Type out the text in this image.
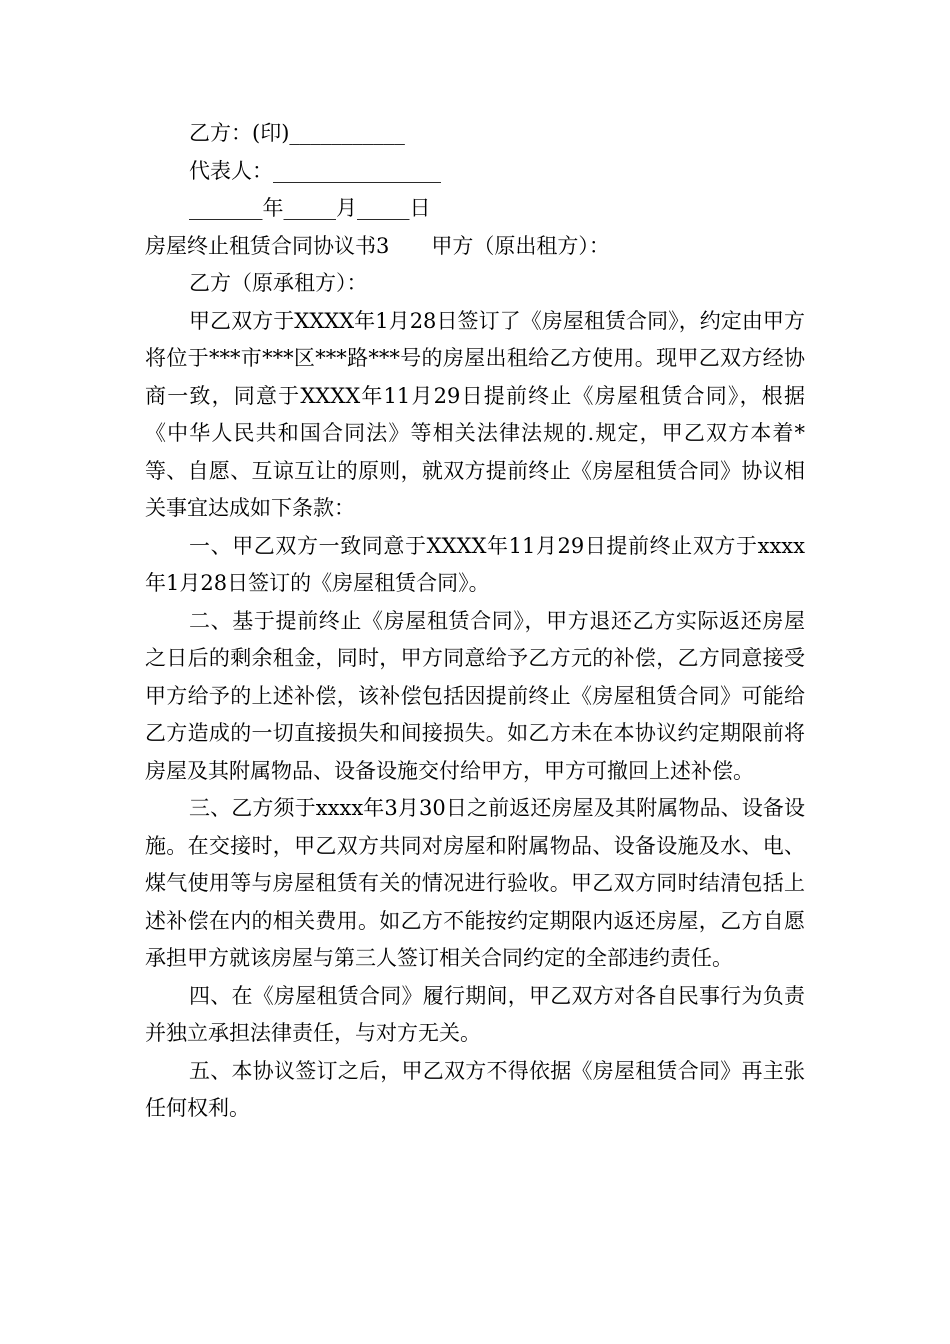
乙方：(印)___________
代表人：________________
_______年_____月_____日
房屋终止租赁合同协议书3　　甲方（原出租方）：
乙方（原承租方）：

甲乙双方于XXXX年1月28日签订了《房屋租赁合同》，约定由甲方将位于***市***区***路***号的房屋出租给乙方使用。现甲乙双方经协商一致，同意于XXXX年11月29日提前终止《房屋租赁合同》，根据《中华人民共和国合同法》等相关法律法规的.规定，甲乙双方本着*等、自愿、互谅互让的原则，就双方提前终止《房屋租赁合同》协议相关事宜达成如下条款：

一、甲乙双方一致同意于XXXX年11月29日提前终止双方于xxxx年1月28日签订的《房屋租赁合同》。

二、基于提前终止《房屋租赁合同》，甲方退还乙方实际返还房屋之日后的剩余租金，同时，甲方同意给予乙方元的补偿，乙方同意接受甲方给予的上述补偿，该补偿包括因提前终止《房屋租赁合同》可能给乙方造成的一切直接损失和间接损失。如乙方未在本协议约定期限前将房屋及其附属物品、设备设施交付给甲方，甲方可撤回上述补偿。

三、乙方须于xxxx年3月30日之前返还房屋及其附属物品、设备设施。在交接时，甲乙双方共同对房屋和附属物品、设备设施及水、电、煤气使用等与房屋租赁有关的情况进行验收。甲乙双方同时结清包括上述补偿在内的相关费用。如乙方不能按约定期限内返还房屋，乙方自愿承担甲方就该房屋与第三人签订相关合同约定的全部违约责任。

四、在《房屋租赁合同》履行期间，甲乙双方对各自民事行为负责并独立承担法律责任，与对方无关。

五、本协议签订之后，甲乙双方不得依据《房屋租赁合同》再主张任何权利。
